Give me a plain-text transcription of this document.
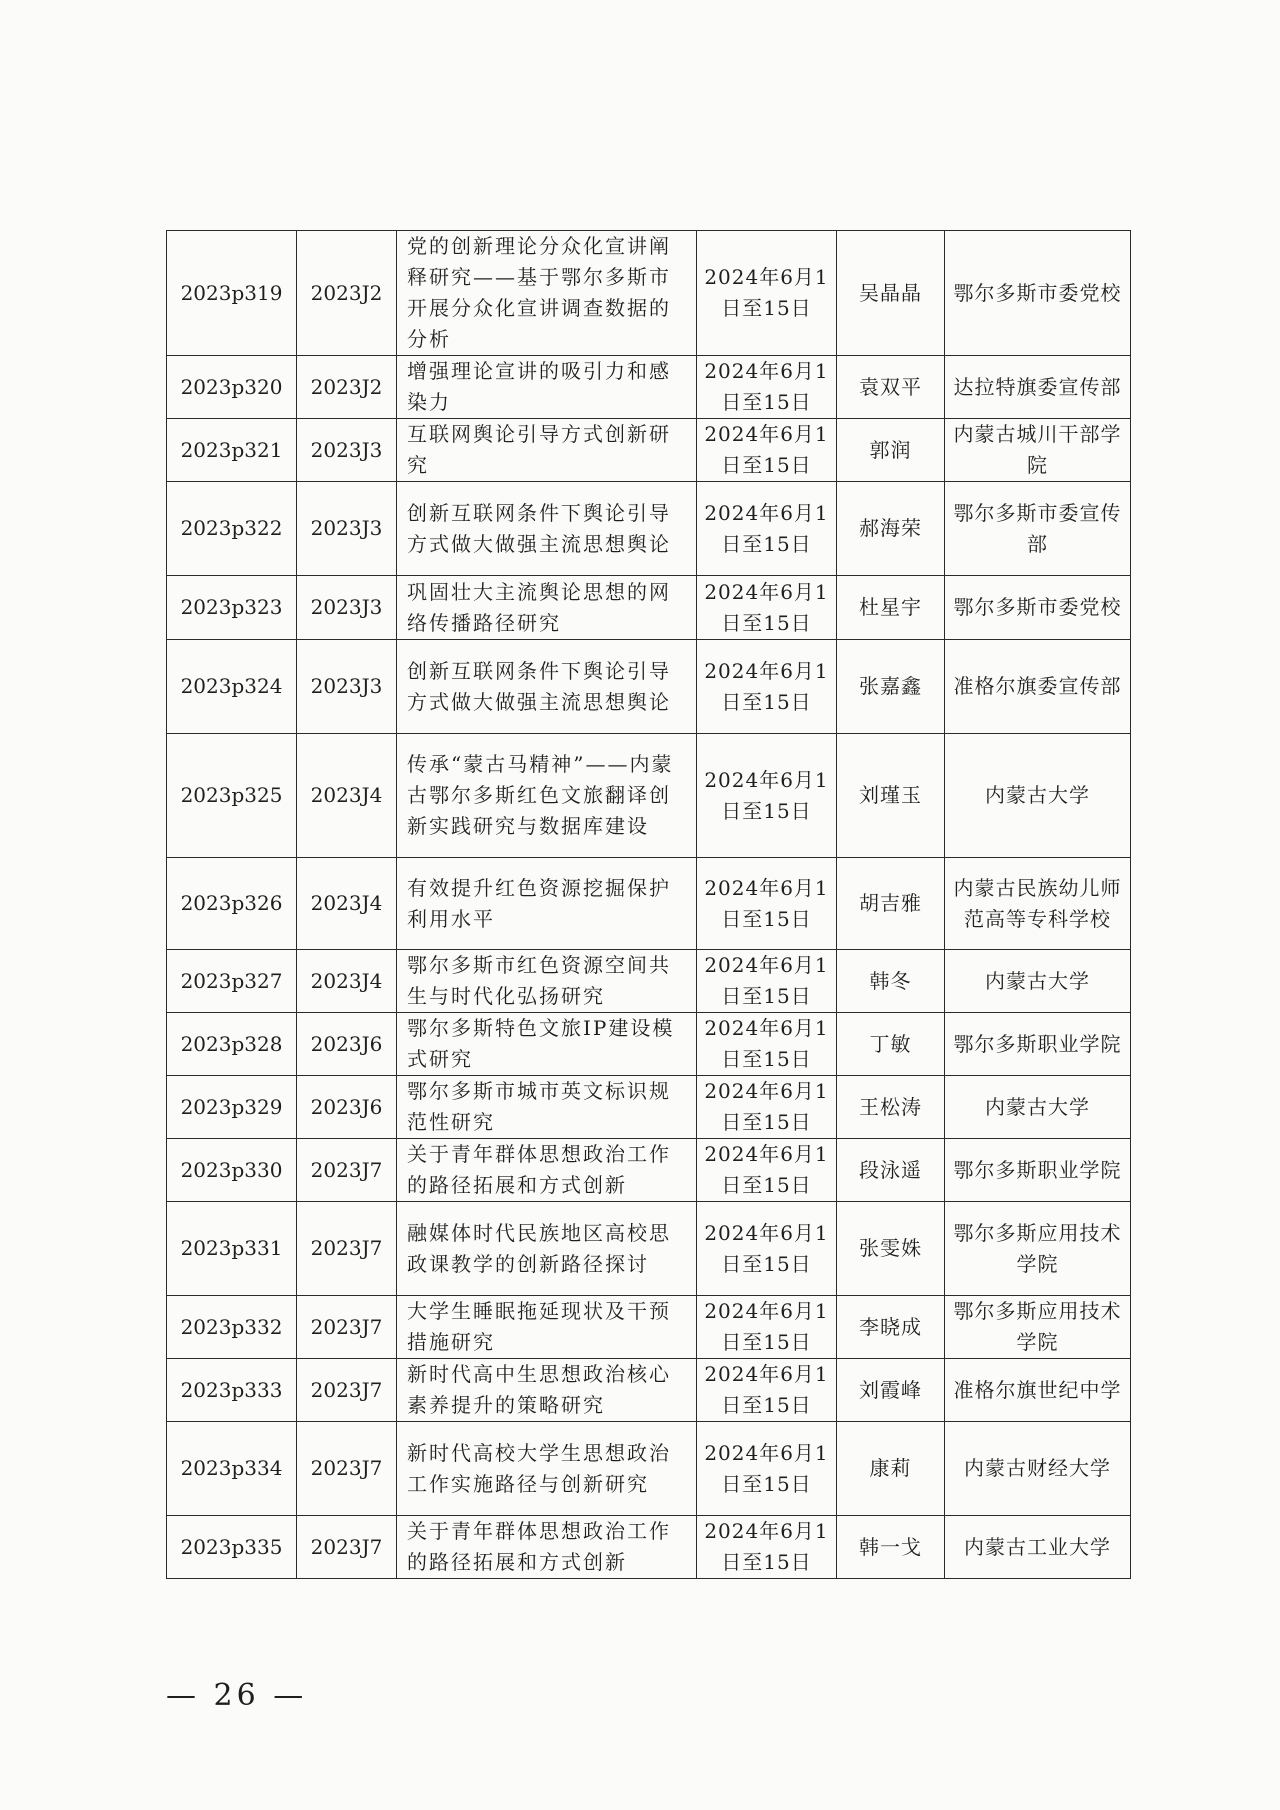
2023p319	2023J2	党的创新理论分众化宣讲阐释研究——基于鄂尔多斯市开展分众化宣讲调查数据的分析	2024年6月1日至15日	吴晶晶	鄂尔多斯市委党校
2023p320	2023J2	增强理论宣讲的吸引力和感染力	2024年6月1日至15日	袁双平	达拉特旗委宣传部
2023p321	2023J3	互联网舆论引导方式创新研究	2024年6月1日至15日	郭润	内蒙古城川干部学院
2023p322	2023J3	创新互联网条件下舆论引导方式做大做强主流思想舆论	2024年6月1日至15日	郝海荣	鄂尔多斯市委宣传部
2023p323	2023J3	巩固壮大主流舆论思想的网络传播路径研究	2024年6月1日至15日	杜星宇	鄂尔多斯市委党校
2023p324	2023J3	创新互联网条件下舆论引导方式做大做强主流思想舆论	2024年6月1日至15日	张嘉鑫	准格尔旗委宣传部
2023p325	2023J4	传承“蒙古马精神”——内蒙古鄂尔多斯红色文旅翻译创新实践研究与数据库建设	2024年6月1日至15日	刘瑾玉	内蒙古大学
2023p326	2023J4	有效提升红色资源挖掘保护利用水平	2024年6月1日至15日	胡吉雅	内蒙古民族幼儿师范高等专科学校
2023p327	2023J4	鄂尔多斯市红色资源空间共生与时代化弘扬研究	2024年6月1日至15日	韩冬	内蒙古大学
2023p328	2023J6	鄂尔多斯特色文旅IP建设模式研究	2024年6月1日至15日	丁敏	鄂尔多斯职业学院
2023p329	2023J6	鄂尔多斯市城市英文标识规范性研究	2024年6月1日至15日	王松涛	内蒙古大学
2023p330	2023J7	关于青年群体思想政治工作的路径拓展和方式创新	2024年6月1日至15日	段泳遥	鄂尔多斯职业学院
2023p331	2023J7	融媒体时代民族地区高校思政课教学的创新路径探讨	2024年6月1日至15日	张雯姝	鄂尔多斯应用技术学院
2023p332	2023J7	大学生睡眠拖延现状及干预措施研究	2024年6月1日至15日	李晓成	鄂尔多斯应用技术学院
2023p333	2023J7	新时代高中生思想政治核心素养提升的策略研究	2024年6月1日至15日	刘霞峰	准格尔旗世纪中学
2023p334	2023J7	新时代高校大学生思想政治工作实施路径与创新研究	2024年6月1日至15日	康莉	内蒙古财经大学
2023p335	2023J7	关于青年群体思想政治工作的路径拓展和方式创新	2024年6月1日至15日	韩一戈	内蒙古工业大学
— 26 —
